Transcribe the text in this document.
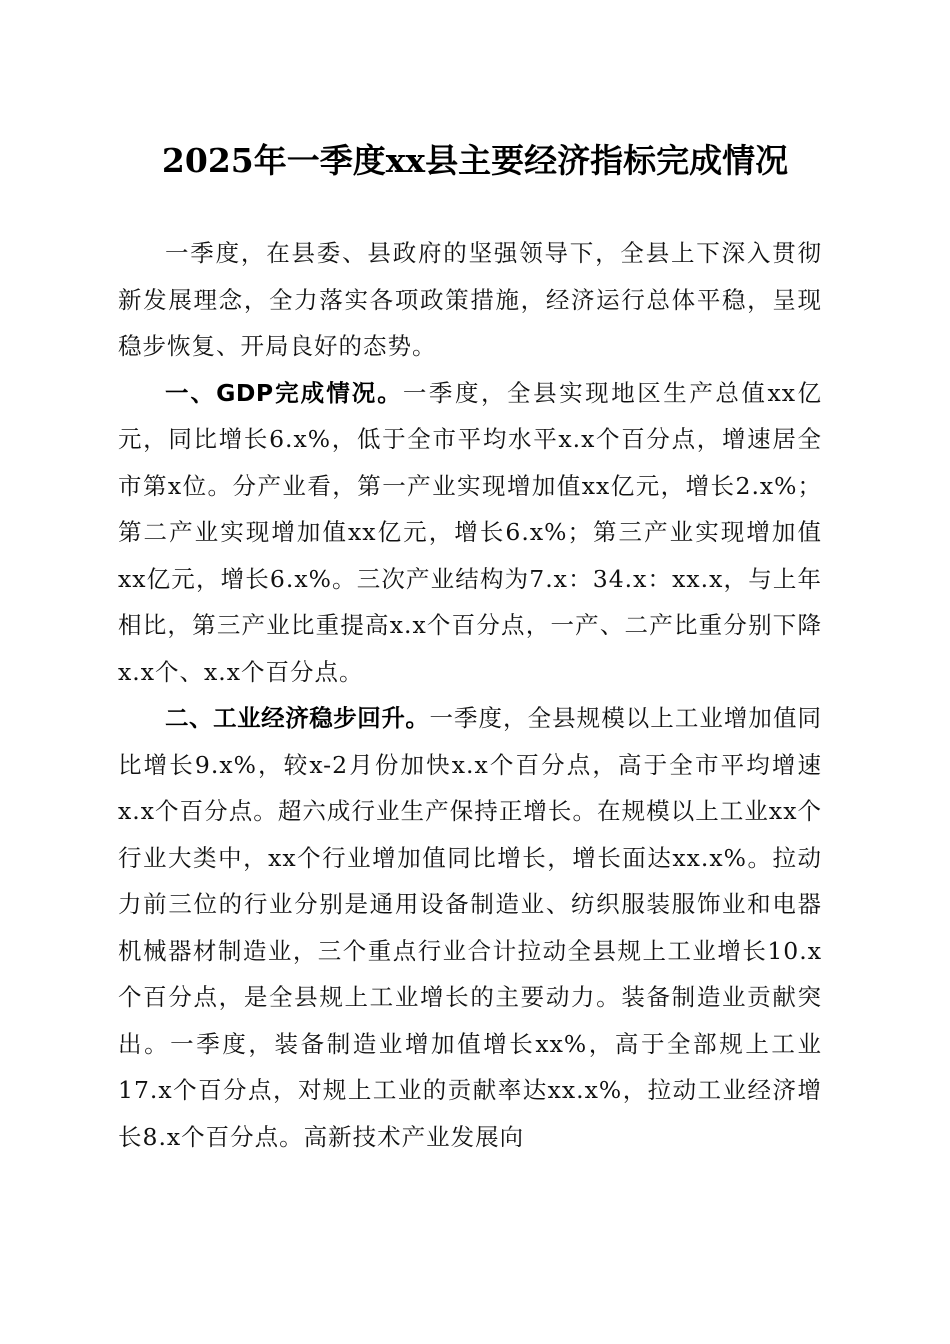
2025年一季度xx县主要经济指标完成情况

一季度，在县委、县政府的坚强领导下，全县上下深入贯彻新发展理念，全力落实各项政策措施，经济运行总体平稳，呈现稳步恢复、开局良好的态势。

一、GDP完成情况。一季度，全县实现地区生产总值xx亿元，同比增长6.x%，低于全市平均水平x.x个百分点，增速居全市第x位。分产业看，第一产业实现增加值xx亿元，增长2.x%；第二产业实现增加值xx亿元，增长6.x%；第三产业实现增加值xx亿元，增长6.x%。三次产业结构为7.x：34.x：xx.x，与上年相比，第三产业比重提高x.x个百分点，一产、二产比重分别下降x.x个、x.x个百分点。

二、工业经济稳步回升。一季度，全县规模以上工业增加值同比增长9.x%，较x-2月份加快x.x个百分点，高于全市平均增速x.x个百分点。超六成行业生产保持正增长。在规模以上工业xx个行业大类中，xx个行业增加值同比增长，增长面达xx.x%。拉动力前三位的行业分别是通用设备制造业、纺织服装服饰业和电器机械器材制造业，三个重点行业合计拉动全县规上工业增长10.x个百分点，是全县规上工业增长的主要动力。装备制造业贡献突出。一季度，装备制造业增加值增长xx%，高于全部规上工业17.x个百分点，对规上工业的贡献率达xx.x%，拉动工业经济增长8.x个百分点。高新技术产业发展向
